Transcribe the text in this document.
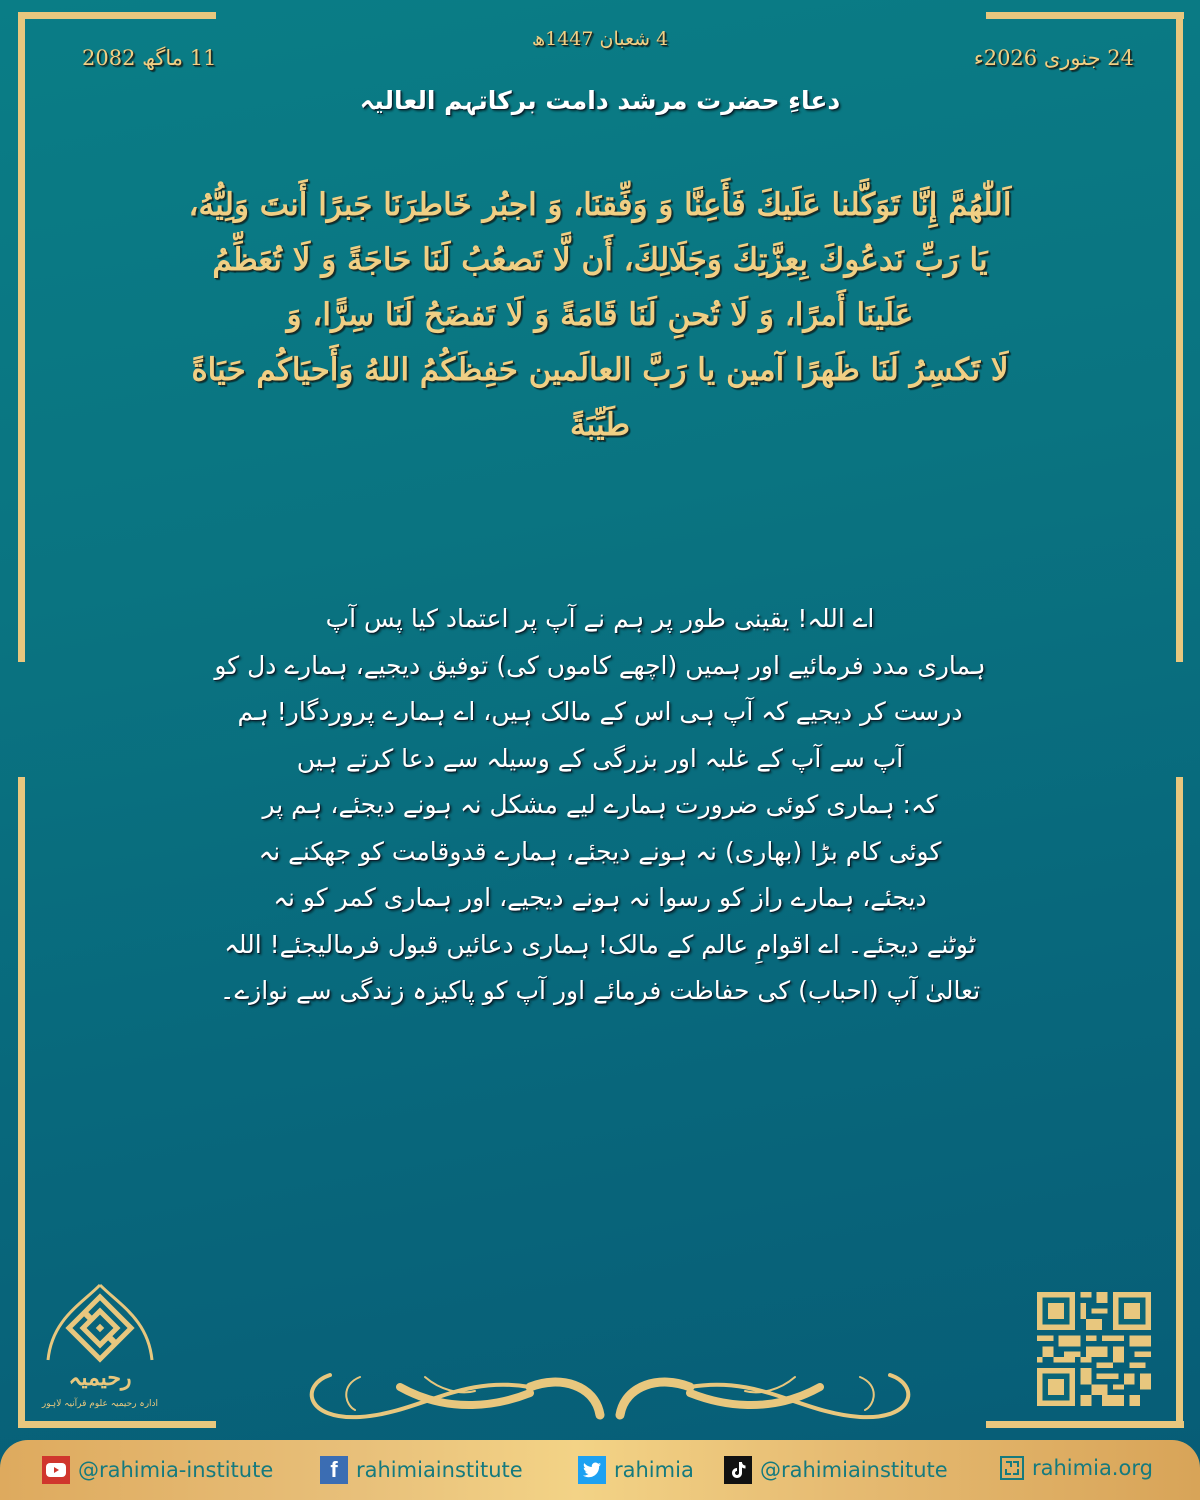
24 جنوری 2026ء
4 شعبان 1447ھ
11 ماگھ 2082
دعاءِ حضرت مرشد دامت برکاتہم العالیہ
اَللّٰهُمَّ إِنَّا تَوَكَّلنا عَلَيكَ فَأَعِنَّا وَ وَفِّقنَا، وَ اجبُر خَاطِرَنَا جَبرًا أَنتَ وَلِيُّهُ،
يَا رَبِّ نَدعُوكَ بِعِزَّتِكَ وَجَلَالِكَ، أَن لَّا تَصعُبُ لَنَا حَاجَةً وَ لَا تُعَظِّمُ
عَلَينَا أَمرًا، وَ لَا تُحنِ لَنَا قَامَةً وَ لَا تَفضَحُ لَنَا سِرًّا، وَ
لَا تَكسِرُ لَنَا ظَهرًا آمين يا رَبَّ العالَمين حَفِظَكُمُ اللهُ وَأَحيَاكُم حَيَاةً
طَيِّبَةً
اے اللہ! یقینی طور پر ہم نے آپ پر اعتماد کیا پس آپ
ہماری مدد فرمائیے اور ہمیں (اچھے کاموں کی) توفیق دیجیے، ہمارے دل کو
درست کر دیجیے کہ آپ ہی اس کے مالک ہیں، اے ہمارے پروردگار! ہم
آپ سے آپ کے غلبہ اور بزرگی کے وسیلہ سے دعا کرتے ہیں
کہ: ہماری کوئی ضرورت ہمارے لیے مشکل نہ ہونے دیجئے، ہم پر
کوئی کام بڑا (بھاری) نہ ہونے دیجئے، ہمارے قدوقامت کو جھکنے نہ
دیجئے، ہمارے راز کو رسوا نہ ہونے دیجیے، اور ہماری کمر کو نہ
ٹوٹنے دیجئے۔ اے اقوامِ عالم کے مالک! ہماری دعائیں قبول فرمالیجئے! اللہ
تعالیٰ آپ (احباب) کی حفاظت فرمائے اور آپ کو پاکیزہ زندگی سے نوازے۔
رحیمیہ
ادارہ رحیمیہ علوم قرآنیہ لاہور
@rahimia-institute	f rahimiainstitute	rahimia	@rahimiainstitute	rahimia.org
